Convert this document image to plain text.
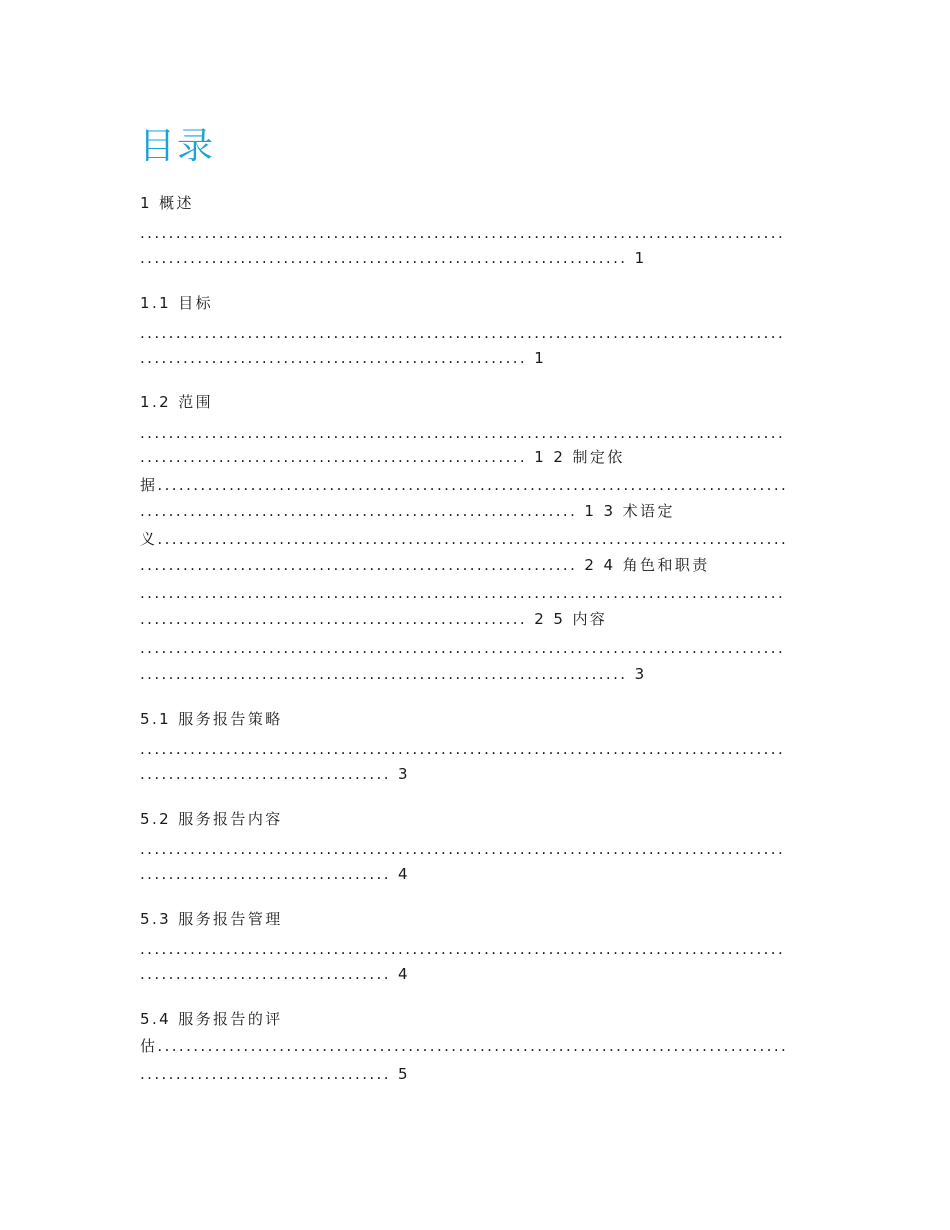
目录
1 概述
..........................................................................................
.................................................................... 1
1.1 目标
..........................................................................................
...................................................... 1
1.2 范围
..........................................................................................
...................................................... 1 2 制定依
据........................................................................................
............................................................. 1 3 术语定
义........................................................................................
............................................................. 2 4 角色和职责
..........................................................................................
...................................................... 2 5 内容
..........................................................................................
.................................................................... 3
5.1 服务报告策略
..........................................................................................
................................... 3
5.2 服务报告内容
..........................................................................................
................................... 4
5.3 服务报告管理
..........................................................................................
................................... 4
5.4 服务报告的评
估........................................................................................
................................... 5
